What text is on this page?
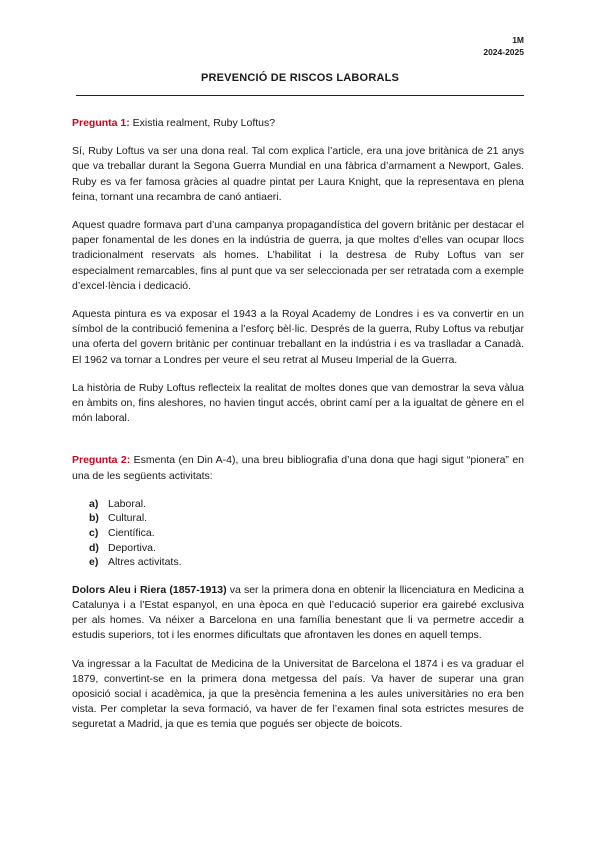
1M
2024-2025
PREVENCIÓ DE RISCOS LABORALS

Pregunta 1: Existia realment, Ruby Loftus?

Sí, Ruby Loftus va ser una dona real. Tal com explica l’article, era una jove britànica de 21 anys que va treballar durant la Segona Guerra Mundial en una fàbrica d’armament a Newport, Gales. Ruby es va fer famosa gràcies al quadre pintat per Laura Knight, que la representava en plena feina, tornant una recambra de canó antiaeri.

Aquest quadre formava part d’una campanya propagandística del govern britànic per destacar el paper fonamental de les dones en la indústria de guerra, ja que moltes d’elles van ocupar llocs tradicionalment reservats als homes. L’habilitat i la destresa de Ruby Loftus van ser especialment remarcables, fins al punt que va ser seleccionada per ser retratada com a exemple d’excel·lència i dedicació.

Aquesta pintura es va exposar el 1943 a la Royal Academy de Londres i es va convertir en un símbol de la contribució femenina a l’esforç bèl·lic. Després de la guerra, Ruby Loftus va rebutjar una oferta del govern britànic per continuar treballant en la indústria i es va traslladar a Canadà. El 1962 va tornar a Londres per veure el seu retrat al Museu Imperial de la Guerra.

La història de Ruby Loftus reflecteix la realitat de moltes dones que van demostrar la seva vàlua en àmbits on, fins aleshores, no havien tingut accés, obrint camí per a la igualtat de gènere en el món laboral.

Pregunta 2: Esmenta (en Din A-4), una breu bibliografia d’una dona que hagi sigut “pionera” en una de les següents activitats:

a) Laboral.
b) Cultural.
c) Científica.
d) Deportiva.
e) Altres activitats.

Dolors Aleu i Riera (1857-1913) va ser la primera dona en obtenir la llicenciatura en Medicina a Catalunya i a l’Estat espanyol, en una època en què l’educació superior era gairebé exclusiva per als homes. Va néixer a Barcelona en una família benestant que li va permetre accedir a estudis superiors, tot i les enormes dificultats que afrontaven les dones en aquell temps.

Va ingressar a la Facultat de Medicina de la Universitat de Barcelona el 1874 i es va graduar el 1879, convertint-se en la primera dona metgessa del país. Va haver de superar una gran oposició social i acadèmica, ja que la presència femenina a les aules universitàries no era ben vista. Per completar la seva formació, va haver de fer l’examen final sota estrictes mesures de seguretat a Madrid, ja que es temia que pogués ser objecte de boicots.
